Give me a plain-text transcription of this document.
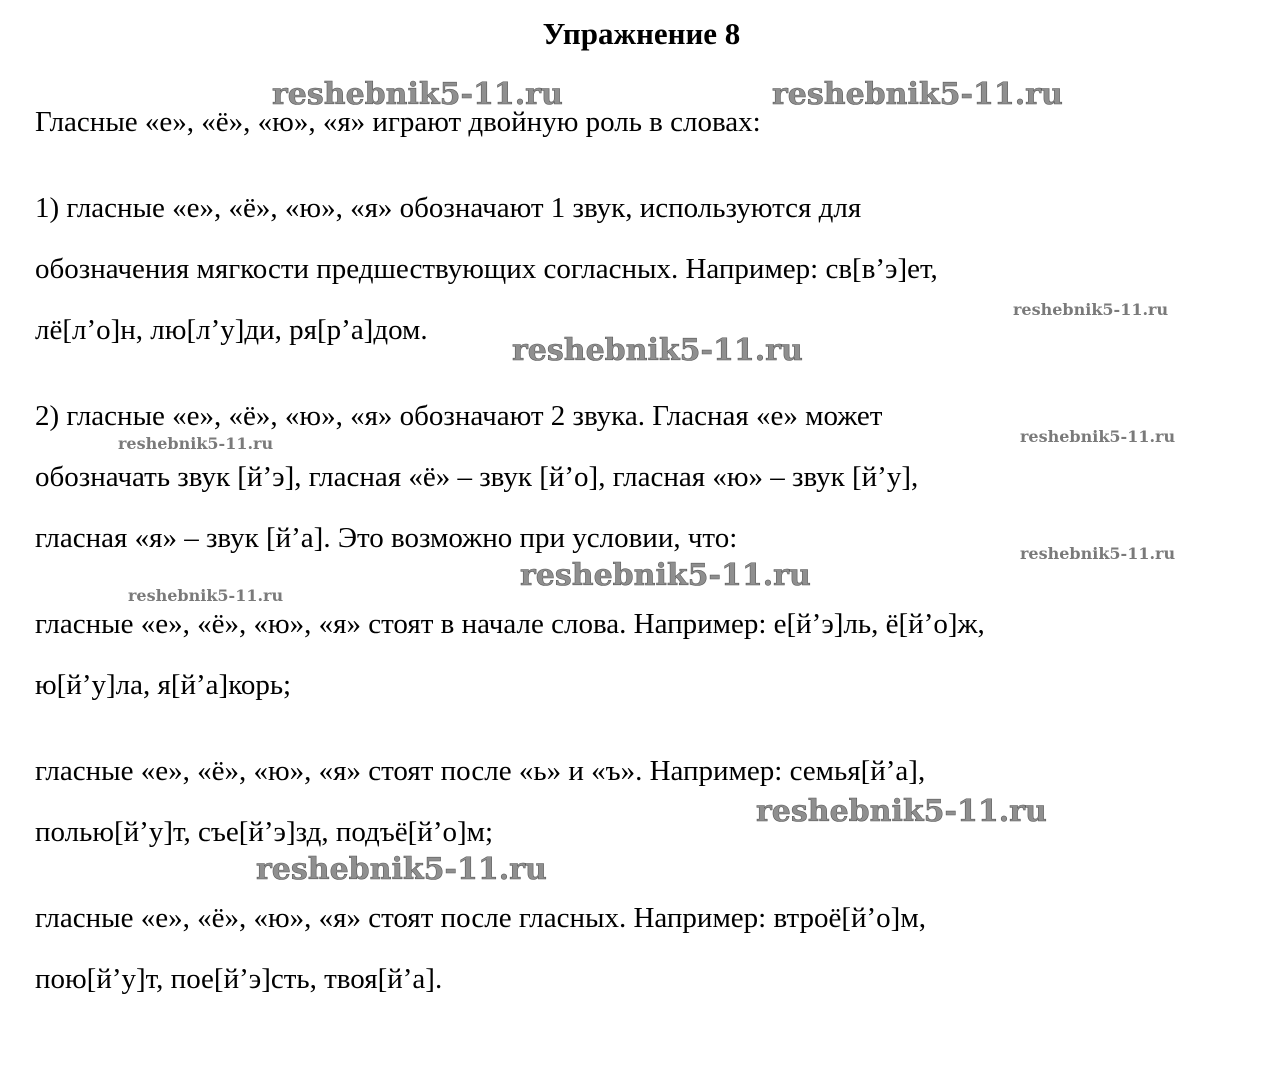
reshebnik5-11.ru	reshebnik5-11.ru
reshebnik5-11.ru
reshebnik5-11.ru
reshebnik5-11.ru	reshebnik5-11.ru
reshebnik5-11.ru
reshebnik5-11.ru
reshebnik5-11.ru
reshebnik5-11.ru
reshebnik5-11.ru
Упражнение 8

Гласные «е», «ё», «ю», «я» играют двойную роль в словах:

1) гласные «е», «ё», «ю», «я» обозначают 1 звук, используются для

обозначения мягкости предшествующих согласных. Например: св[в’э]ет,

лё[л’о]н, лю[л’у]ди, ря[р’а]дом.

2) гласные «е», «ё», «ю», «я» обозначают 2 звука. Гласная «е» может

обозначать звук [й’э], гласная «ё» – звук [й’о], гласная «ю» – звук [й’у],

гласная «я» – звук [й’а]. Это возможно при условии, что:

гласные «е», «ё», «ю», «я» стоят в начале слова. Например: е[й’э]ль, ё[й’о]ж,

ю[й’у]ла, я[й’а]корь;

гласные «е», «ё», «ю», «я» стоят после «ь» и «ъ». Например: семья[й’а],

полью[й’у]т, съе[й’э]зд, подъё[й’о]м;

гласные «е», «ё», «ю», «я» стоят после гласных. Например: втроё[й’о]м,

пою[й’у]т, пое[й’э]сть, твоя[й’а].
